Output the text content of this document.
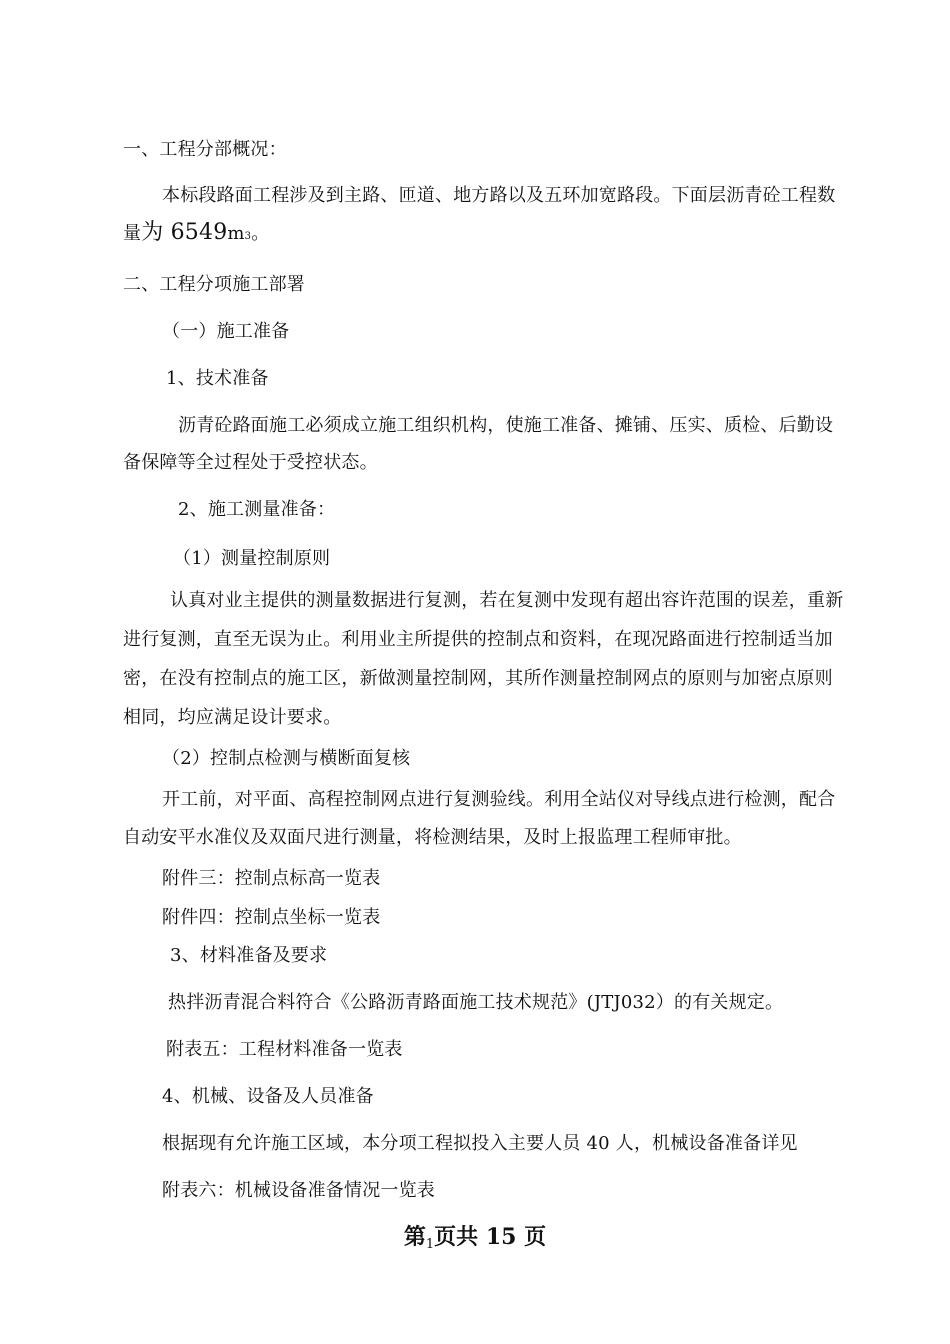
一、工程分部概况：
本标段路面工程涉及到主路、匝道、地方路以及五环加宽路段。下面层沥青砼工程数
量为 6549m3。
二、工程分项施工部署
（一）施工准备
1、技术准备
沥青砼路面施工必须成立施工组织机构，使施工准备、摊铺、压实、质检、后勤设
备保障等全过程处于受控状态。
2、施工测量准备：
（1）测量控制原则
认真对业主提供的测量数据进行复测，若在复测中发现有超出容许范围的误差，重新
进行复测，直至无误为止。利用业主所提供的控制点和资料，在现况路面进行控制适当加
密，在没有控制点的施工区，新做测量控制网，其所作测量控制网点的原则与加密点原则
相同，均应满足设计要求。
（2）控制点检测与横断面复核
开工前，对平面、高程控制网点进行复测验线。利用全站仪对导线点进行检测，配合
自动安平水准仪及双面尺进行测量，将检测结果，及时上报监理工程师审批。
附件三：控制点标高一览表
附件四：控制点坐标一览表
3、材料准备及要求
热拌沥青混合料符合《公路沥青路面施工技术规范》(JTJ032）的有关规定。
附表五：工程材料准备一览表
4、机械、设备及人员准备
根据现有允许施工区域，本分项工程拟投入主要人员 40 人，机械设备准备详见
附表六：机械设备准备情况一览表
第1页共 15 页
